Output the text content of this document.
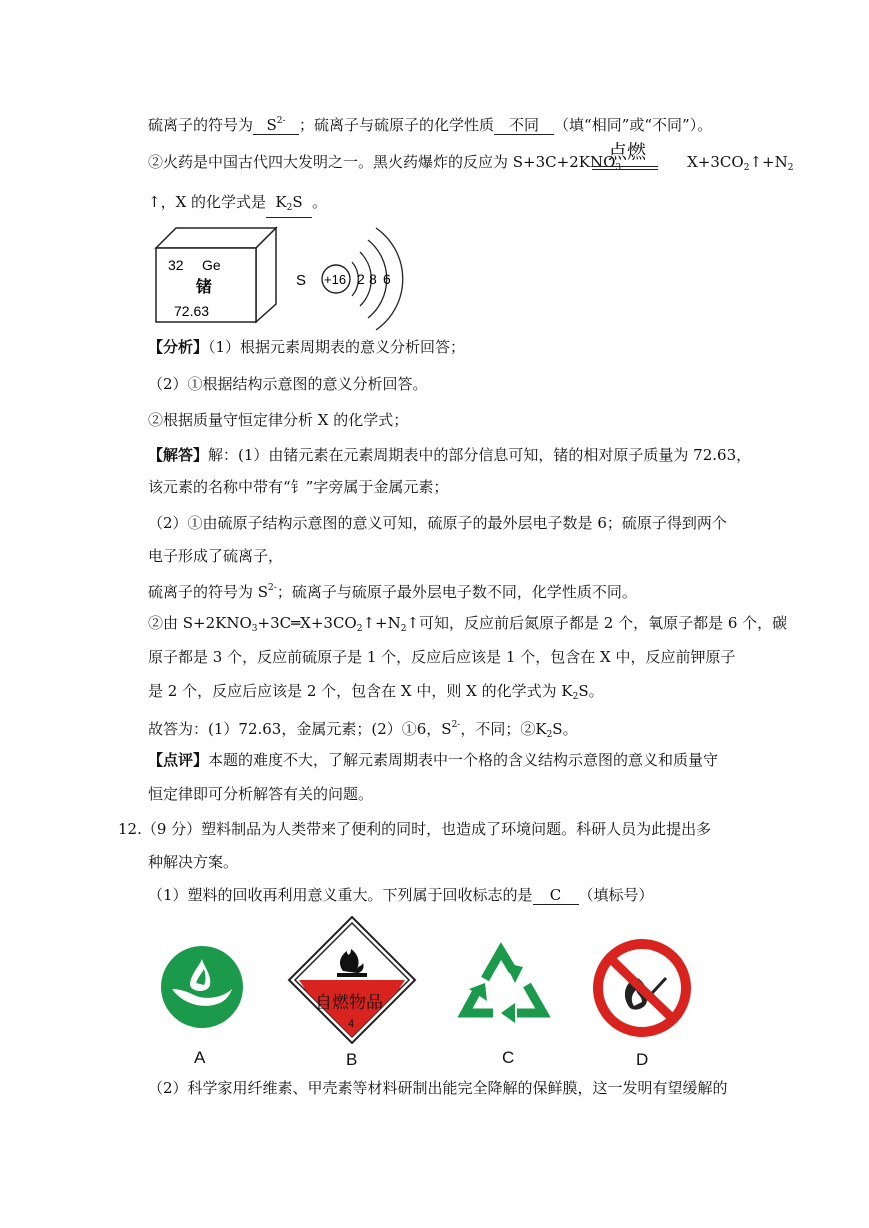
硫离子的符号为 $S^{2-}$ ；硫离子与硫原子的化学性质 不同 （填“相同”或“不同”）。
②火药是中国古代四大发明之一。黑火药爆炸的反应为 $S+3C+2KNO_3$	$X+3CO_2↑+N_2$
点燃
↑，X 的化学式是 $K_2S$ 。
32 Ge
锗
72.63
S +16 2 8 6
【分析】（1）根据元素周期表的意义分析回答；
（2）①根据结构示意图的意义分析回答。
②根据质量守恒定律分析 X 的化学式；
【解答】解：(1）由锗元素在元素周期表中的部分信息可知，锗的相对原子质量为 72.63，
该元素的名称中带有“钅”字旁属于金属元素；
（2）①由硫原子结构示意图的意义可知，硫原子的最外层电子数是 6；硫原子得到两个
电子形成了硫离子，
硫离子的符号为 $S^{2-}$；硫离子与硫原子最外层电子数不同，化学性质不同。
②由 $S+2KNO_3+3C═X+3CO_2↑+N_2↑$可知，反应前后氮原子都是 2 个，氧原子都是 6 个，碳
原子都是 3 个，反应前硫原子是 1 个，反应后应该是 1 个，包含在 X 中，反应前钾原子
是 2 个，反应后应该是 2 个，包含在 X 中，则 X 的化学式为 $K_2S$。
故答为：(1）72.63，金属元素；(2）①6，$S^{2-}$，不同；$②K_2S$。
【点评】本题的难度不大，了解元素周期表中一个格的含义结构示意图的意义和质量守
恒定律即可分析解答有关的问题。
12.（9 分）塑料制品为人类带来了便利的同时，也造成了环境问题。科研人员为此提出多
种解决方案。
（1）塑料的回收再利用意义重大。下列属于回收标志的是 C （填标号）
A
自燃物品
4
B	C	D
（2）科学家用纤维素、甲壳素等材料研制出能完全降解的保鲜膜，这一发明有望缓解的
